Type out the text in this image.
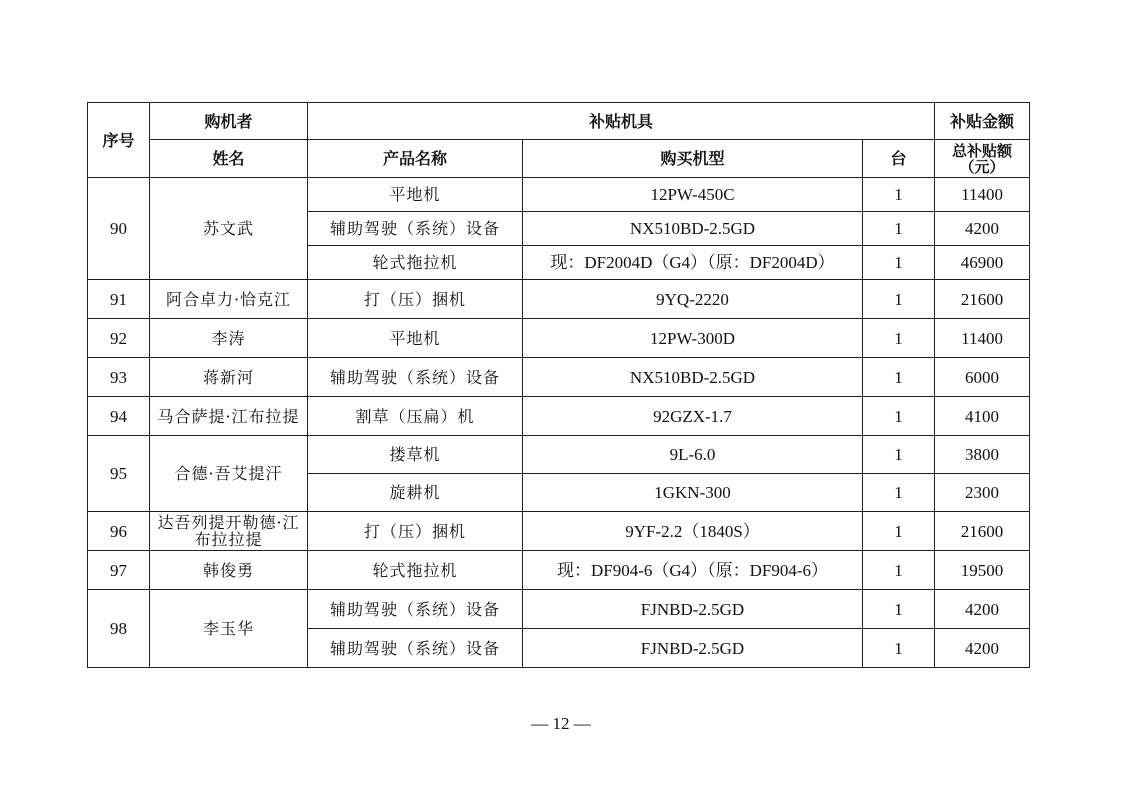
序号	购机者	补贴机具			补贴金额
	姓名	产品名称	购买机型	台	总补贴额（元）
90	苏文武	平地机	12PW-450C	1	11400
		辅助驾驶（系统）设备	NX510BD-2.5GD	1	4200
		轮式拖拉机	现：DF2004D（G4）（原：DF2004D）	1	46900
91	阿合卓力·恰克江	打（压）捆机	9YQ-2220	1	21600
92	李涛	平地机	12PW-300D	1	11400
93	蒋新河	辅助驾驶（系统）设备	NX510BD-2.5GD	1	6000
94	马合萨提·江布拉提	割草（压扁）机	92GZX-1.7	1	4100
95	合德·吾艾提汗	搂草机	9L-6.0	1	3800
		旋耕机	1GKN-300	1	2300
96	达吾列提开勒德·江布拉拉提	打（压）捆机	9YF-2.2（1840S）	1	21600
97	韩俊勇	轮式拖拉机	现：DF904-6（G4）（原：DF904-6）	1	19500
98	李玉华	辅助驾驶（系统）设备	FJNBD-2.5GD	1	4200
		辅助驾驶（系统）设备	FJNBD-2.5GD	1	4200
— 12 —
